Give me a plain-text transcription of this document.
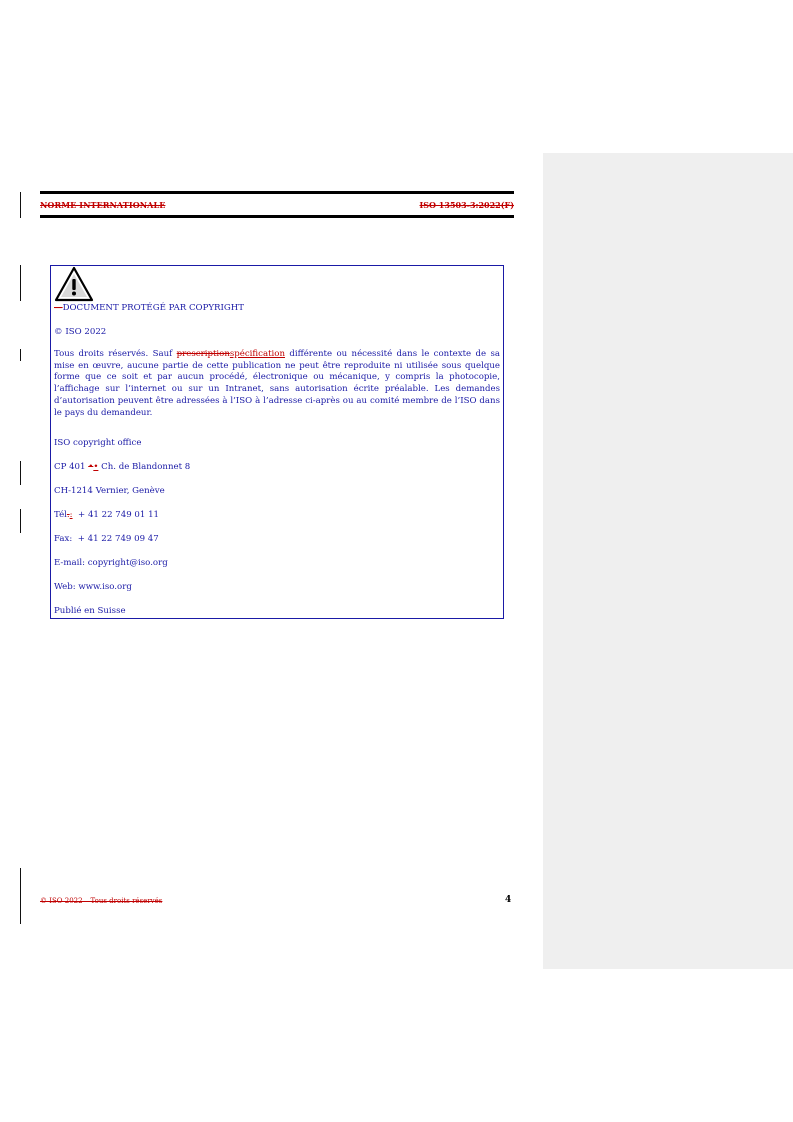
NORME INTERNATIONALE	ISO 13503-3:2022(F)
—DOCUMENT PROTÉGÉ PAR COPYRIGHT
© ISO 2022
Tous droits réservés. Sauf prescriptionspécification différente ou nécessité dans le contexte de sa mise en œuvre, aucune partie de cette publication ne peut être reproduite ni utilisée sous quelque forme que ce soit et par aucun procédé, électronique ou mécanique, y compris la photocopie, l’affichage sur l’internet ou sur un Intranet, sans autorisation écrite préalable. Les demandes d’autorisation peuvent être adressées à l’ISO à l’adresse ci-après ou au comité membre de l’ISO dans le pays du demandeur.
ISO copyright office
CP 401 •• Ch. de Blandonnet 8
CH-1214 Vernier, Genève
Tél.:  + 41 22 749 01 11
Fax:  + 41 22 749 09 47
E-mail: copyright@iso.org
Web: www.iso.org
Publié en Suisse
© ISO 2022 – Tous droits réservés	4
